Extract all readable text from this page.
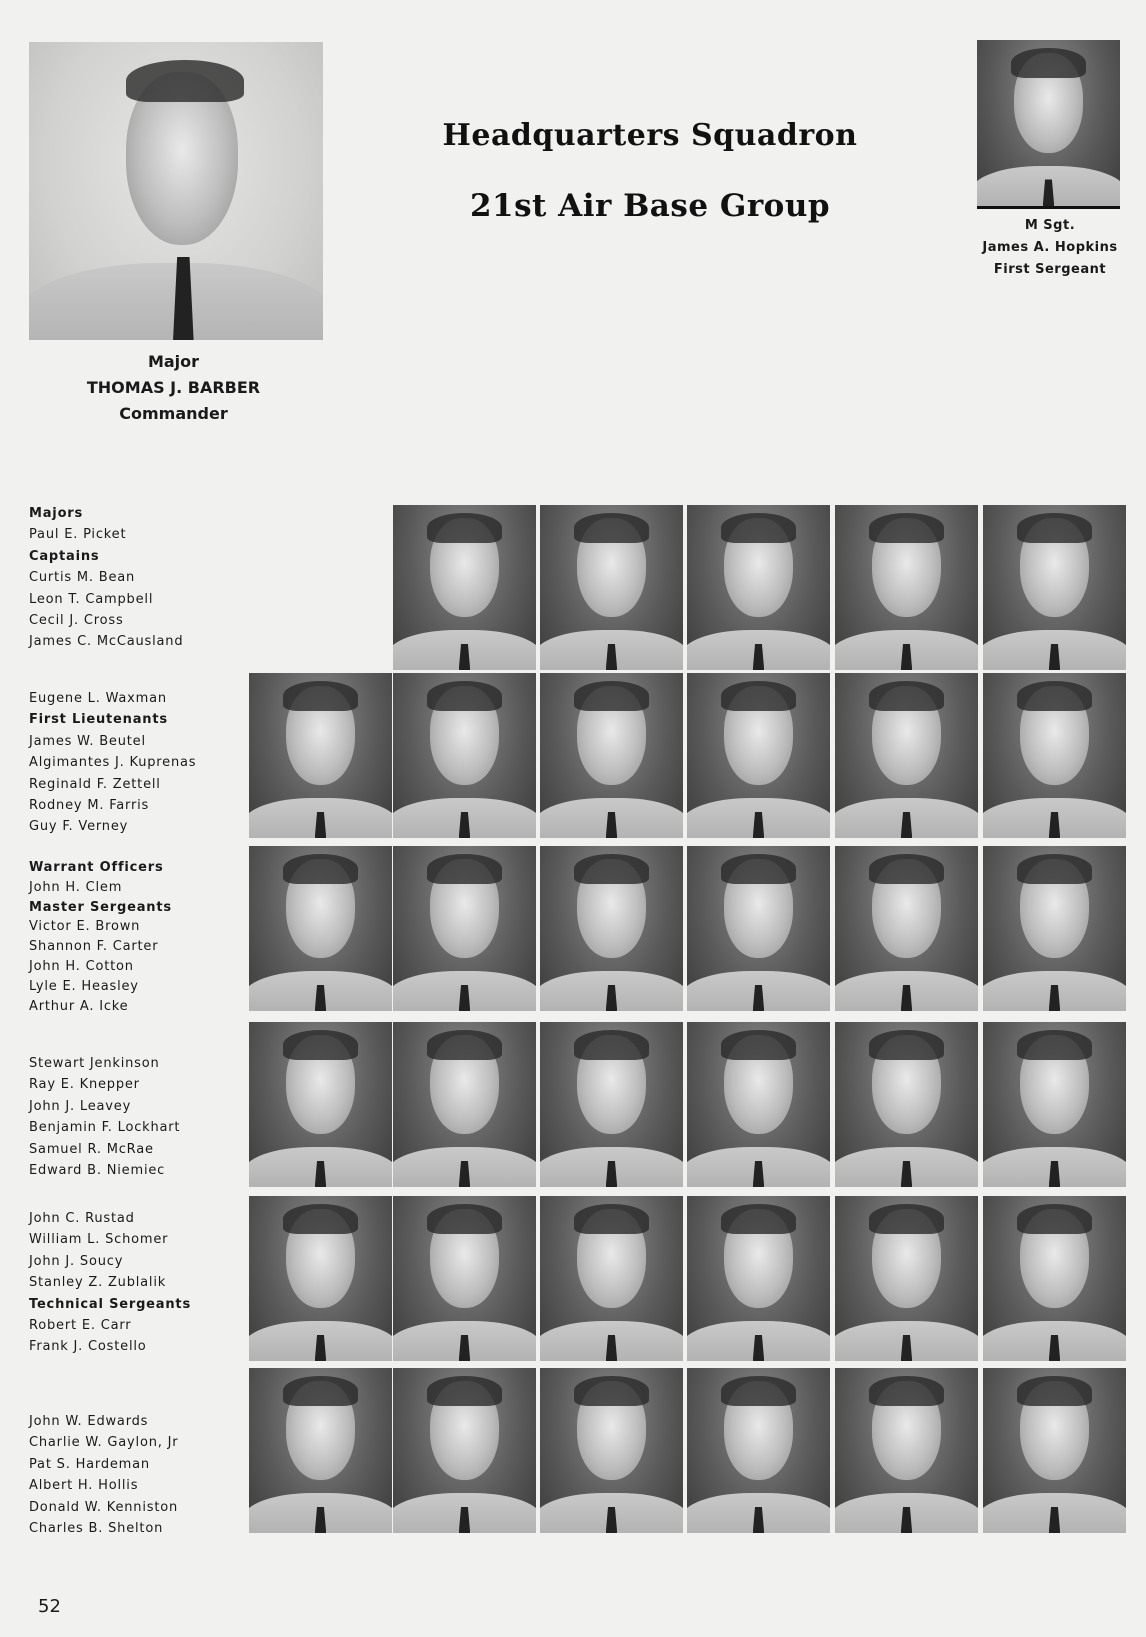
Major
THOMAS J. BARBER
Commander
Headquarters Squadron
21st Air Base Group
M Sgt.
James A. Hopkins
First Sergeant
Majors
Paul E. Picket
Captains
Curtis M. Bean
Leon T. Campbell
Cecil J. Cross
James C. McCausland
Eugene L. Waxman
First Lieutenants
James W. Beutel
Algimantes J. Kuprenas
Reginald F. Zettell
Rodney M. Farris
Guy F. Verney
Warrant Officers
John H. Clem
Master Sergeants
Victor E. Brown
Shannon F. Carter
John H. Cotton
Lyle E. Heasley
Arthur A. Icke
Stewart Jenkinson
Ray E. Knepper
John J. Leavey
Benjamin F. Lockhart
Samuel R. McRae
Edward B. Niemiec
John C. Rustad
William L. Schomer
John J. Soucy
Stanley Z. Zublalik
Technical Sergeants
Robert E. Carr
Frank J. Costello
John W. Edwards
Charlie W. Gaylon, Jr
Pat S. Hardeman
Albert H. Hollis
Donald W. Kenniston
Charles B. Shelton
52
